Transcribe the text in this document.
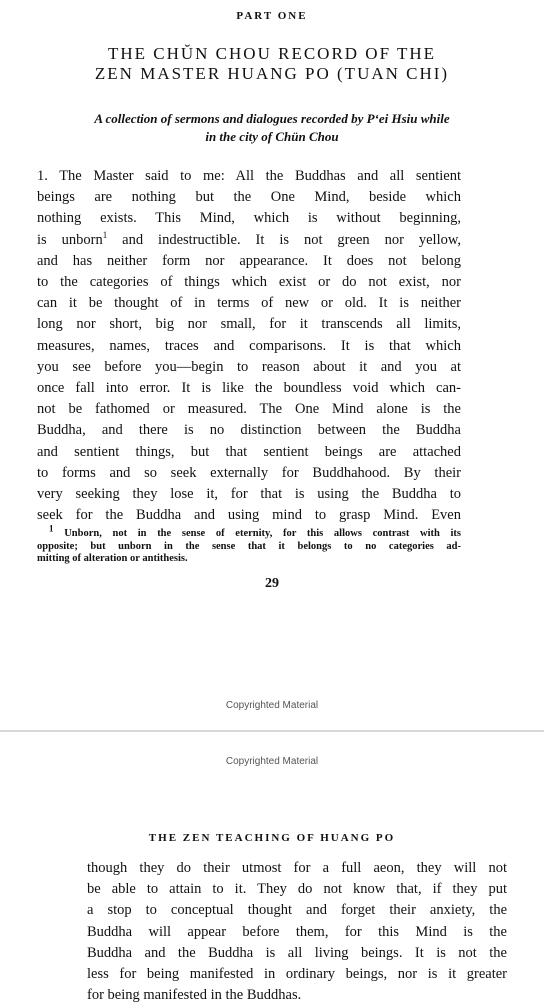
PART ONE
THE CHŬN CHOU RECORD OF THE
ZEN MASTER HUANG PO (TUAN CHI)
A collection of sermons and dialogues recorded by P‘ei Hsiu while
in the city of Chün Chou
1. The Master said to me: All the Buddhas and all sentient
beings are nothing but the One Mind, beside which
nothing exists. This Mind, which is without beginning,
is unborn$^1$ and indestructible. It is not green nor yellow,
and has neither form nor appearance. It does not belong
to the categories of things which exist or do not exist, nor
can it be thought of in terms of new or old. It is neither
long nor short, big nor small, for it transcends all limits,
measures, names, traces and comparisons. It is that which
you see before you—begin to reason about it and you at
once fall into error. It is like the boundless void which can-
not be fathomed or measured. The One Mind alone is the
Buddha, and there is no distinction between the Buddha
and sentient things, but that sentient beings are attached
to forms and so seek externally for Buddhahood. By their
very seeking they lose it, for that is using the Buddha to
seek for the Buddha and using mind to grasp Mind. Even
$^1$ Unborn, not in the sense of eternity, for this allows contrast with its
opposite; but unborn in the sense that it belongs to no categories ad-
mitting of alteration or antithesis.
29
Copyrighted Material
Copyrighted Material
THE ZEN TEACHING OF HUANG PO
though they do their utmost for a full aeon, they will not
be able to attain to it. They do not know that, if they put
a stop to conceptual thought and forget their anxiety, the
Buddha will appear before them, for this Mind is the
Buddha and the Buddha is all living beings. It is not the
less for being manifested in ordinary beings, nor is it greater
for being manifested in the Buddhas.
